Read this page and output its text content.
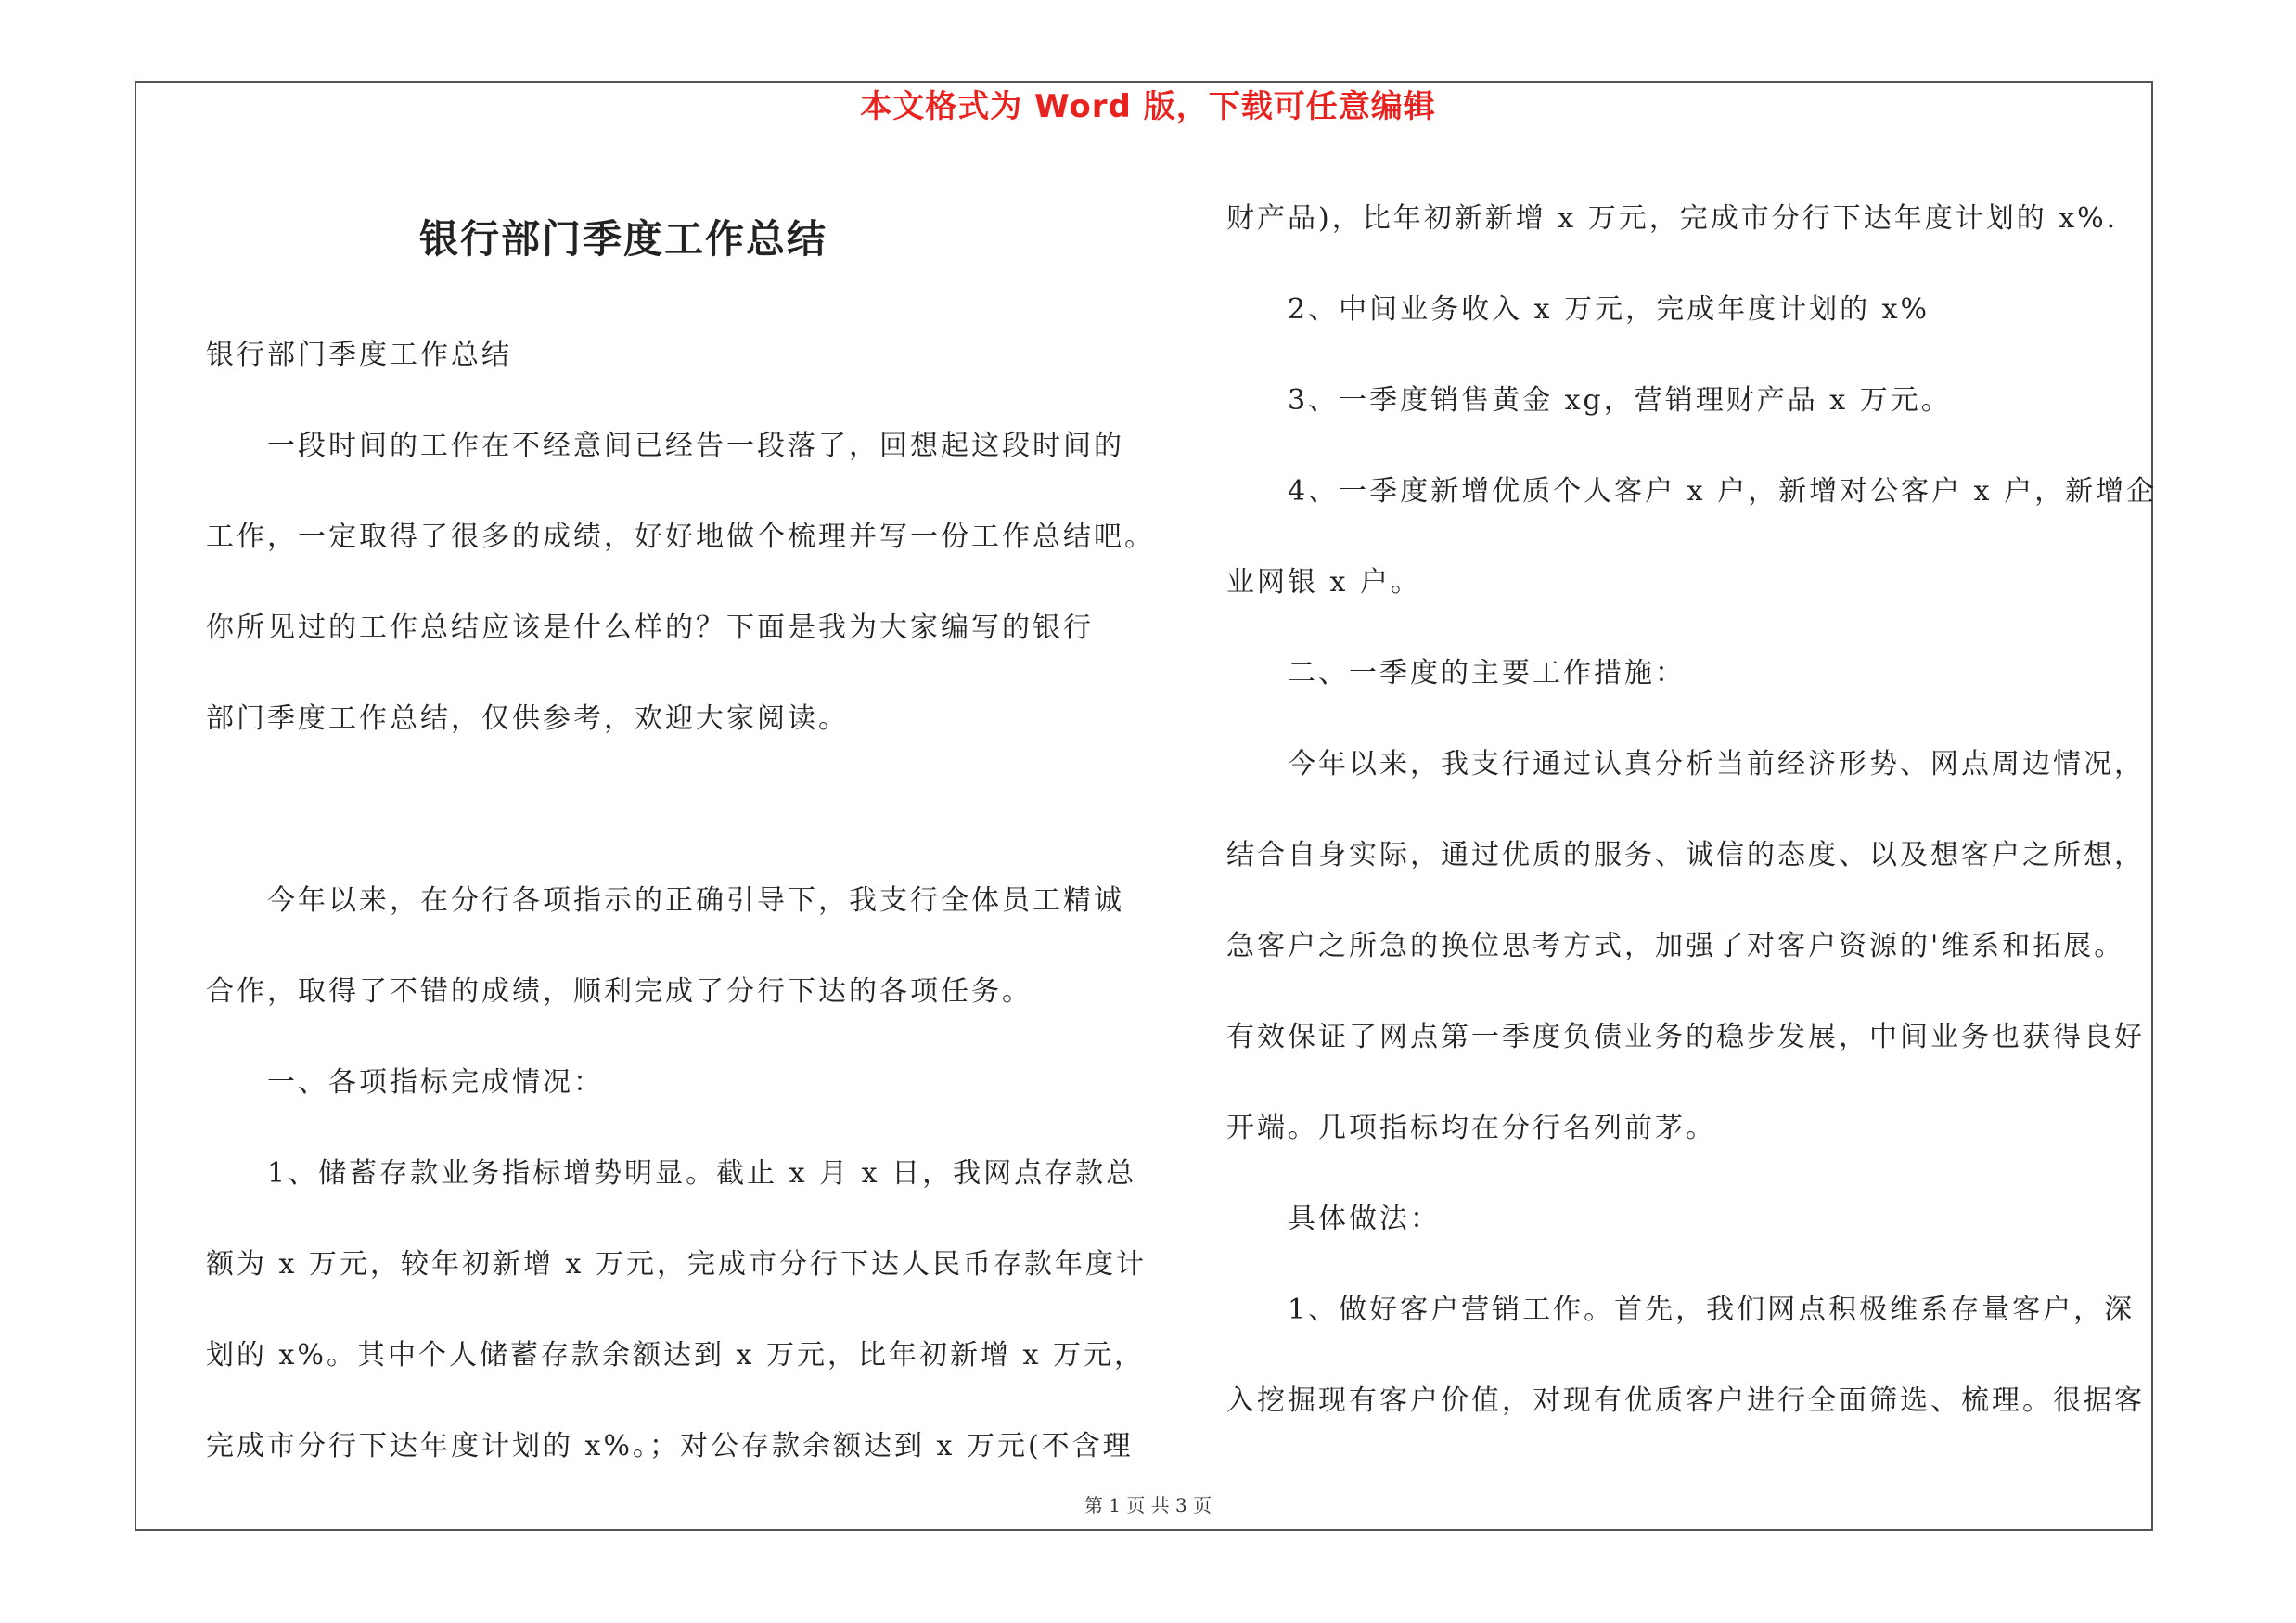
本文格式为 Word 版，下载可任意编辑
银行部门季度工作总结

银行部门季度工作总结

　　一段时间的工作在不经意间已经告一段落了，回想起这段时间的

工作，一定取得了很多的成绩，好好地做个梳理并写一份工作总结吧。

你所见过的工作总结应该是什么样的？下面是我为大家编写的银行

部门季度工作总结，仅供参考，欢迎大家阅读。

　　今年以来，在分行各项指示的正确引导下，我支行全体员工精诚

合作，取得了不错的成绩，顺利完成了分行下达的各项任务。

　　一、各项指标完成情况：

　　1、储蓄存款业务指标增势明显。截止 x 月 x 日，我网点存款总

额为 x 万元，较年初新增 x 万元，完成市分行下达人民币存款年度计

划的 x%。其中个人储蓄存款余额达到 x 万元，比年初新增 x 万元，

完成市分行下达年度计划的 x%。；对公存款余额达到 x 万元(不含理

财产品)，比年初新新增 x 万元，完成市分行下达年度计划的 x%.

　　2、中间业务收入 x 万元，完成年度计划的 x%

　　3、一季度销售黄金 xg，营销理财产品 x 万元。

　　4、一季度新增优质个人客户 x 户，新增对公客户 x 户，新增企

业网银 x 户。

　　二、一季度的主要工作措施：

　　今年以来，我支行通过认真分析当前经济形势、网点周边情况，

结合自身实际，通过优质的服务、诚信的态度、以及想客户之所想，

急客户之所急的换位思考方式，加强了对客户资源的'维系和拓展。

有效保证了网点第一季度负债业务的稳步发展，中间业务也获得良好

开端。几项指标均在分行名列前茅。

　　具体做法：

　　1、做好客户营销工作。首先，我们网点积极维系存量客户，深

入挖掘现有客户价值，对现有优质客户进行全面筛选、梳理。很据客

第 1 页 共 3 页
